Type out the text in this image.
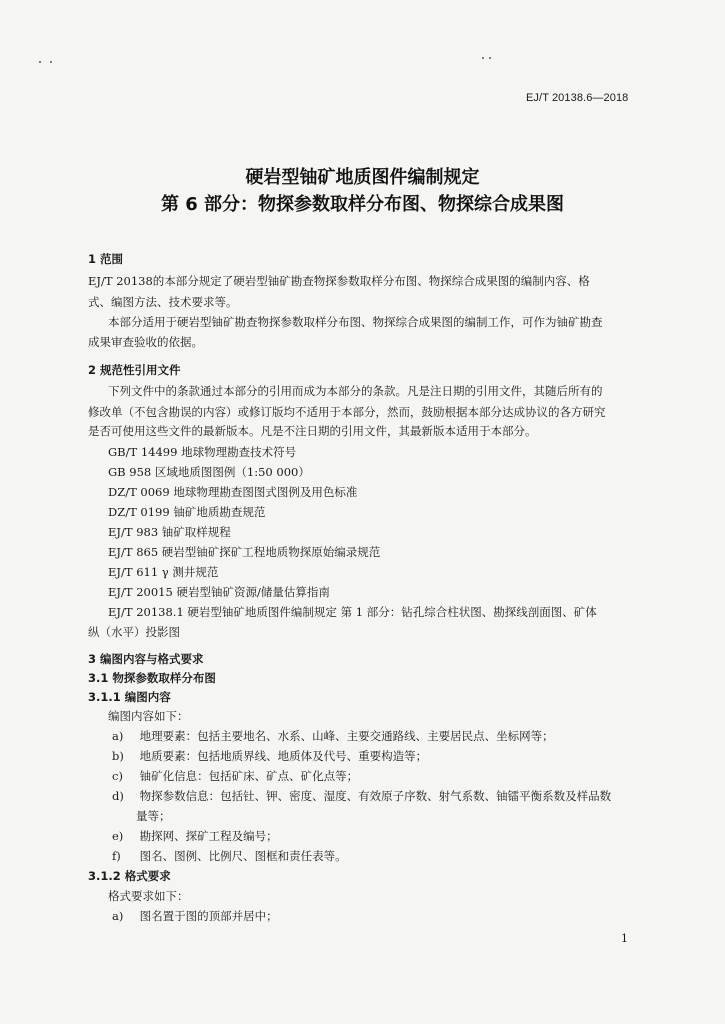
EJ/T 20138.6—2018
硬岩型铀矿地质图件编制规定
第 6 部分：物探参数取样分布图、物探综合成果图
1 范围
EJ/T 20138的本部分规定了硬岩型铀矿勘查物探参数取样分布图、物探综合成果图的编制内容、格
式、编图方法、技术要求等。
本部分适用于硬岩型铀矿勘查物探参数取样分布图、物探综合成果图的编制工作，可作为铀矿勘查
成果审查验收的依据。
2 规范性引用文件
下列文件中的条款通过本部分的引用而成为本部分的条款。凡是注日期的引用文件，其随后所有的
修改单（不包含勘误的内容）或修订版均不适用于本部分，然而，鼓励根据本部分达成协议的各方研究
是否可使用这些文件的最新版本。凡是不注日期的引用文件，其最新版本适用于本部分。
GB/T 14499 地球物理勘查技术符号
GB 958 区域地质图图例（1:50 000）
DZ/T 0069 地球物理勘查图图式图例及用色标准
DZ/T 0199 铀矿地质勘查规范
EJ/T 983 铀矿取样规程
EJ/T 865 硬岩型铀矿探矿工程地质物探原始编录规范
EJ/T 611 γ 测井规范
EJ/T 20015 硬岩型铀矿资源/储量估算指南
EJ/T 20138.1 硬岩型铀矿地质图件编制规定 第 1 部分：钻孔综合柱状图、勘探线剖面图、矿体
纵（水平）投影图
3 编图内容与格式要求
3.1 物探参数取样分布图
3.1.1 编图内容
编图内容如下：
a) 地理要素：包括主要地名、水系、山峰、主要交通路线、主要居民点、坐标网等；
b) 地质要素：包括地质界线、地质体及代号、重要构造等；
c) 铀矿化信息：包括矿床、矿点、矿化点等；
d) 物探参数信息：包括钍、钾、密度、湿度、有效原子序数、射气系数、铀镭平衡系数及样品数
量等；
e) 勘探网、探矿工程及编号；
f) 图名、图例、比例尺、图框和责任表等。
3.1.2 格式要求
格式要求如下：
a) 图名置于图的顶部并居中；
1
